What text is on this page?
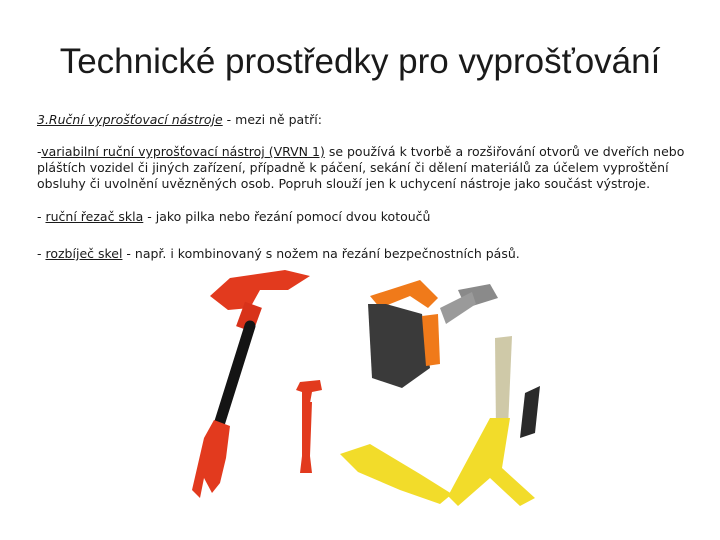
Technické prostředky pro vyprošťování
3.Ruční vyprošťovací nástroje - mezi ně patří:
-variabilní ruční vyprošťovací nástroj (VRVN 1) se používá k tvorbě a rozšiřování otvorů ve dveřích nebo pláštích vozidel či jiných zařízení, případně k páčení, sekání či dělení materiálů za účelem vyproštění obsluhy či uvolnění uvězněných osob. Popruh slouží jen k uchycení nástroje jako součást výstroje.
- ruční řezač skla - jako pilka nebo řezání pomocí dvou kotoučů
- rozbíječ skel - např. i kombinovaný s nožem na řezání bezpečnostních pásů.
